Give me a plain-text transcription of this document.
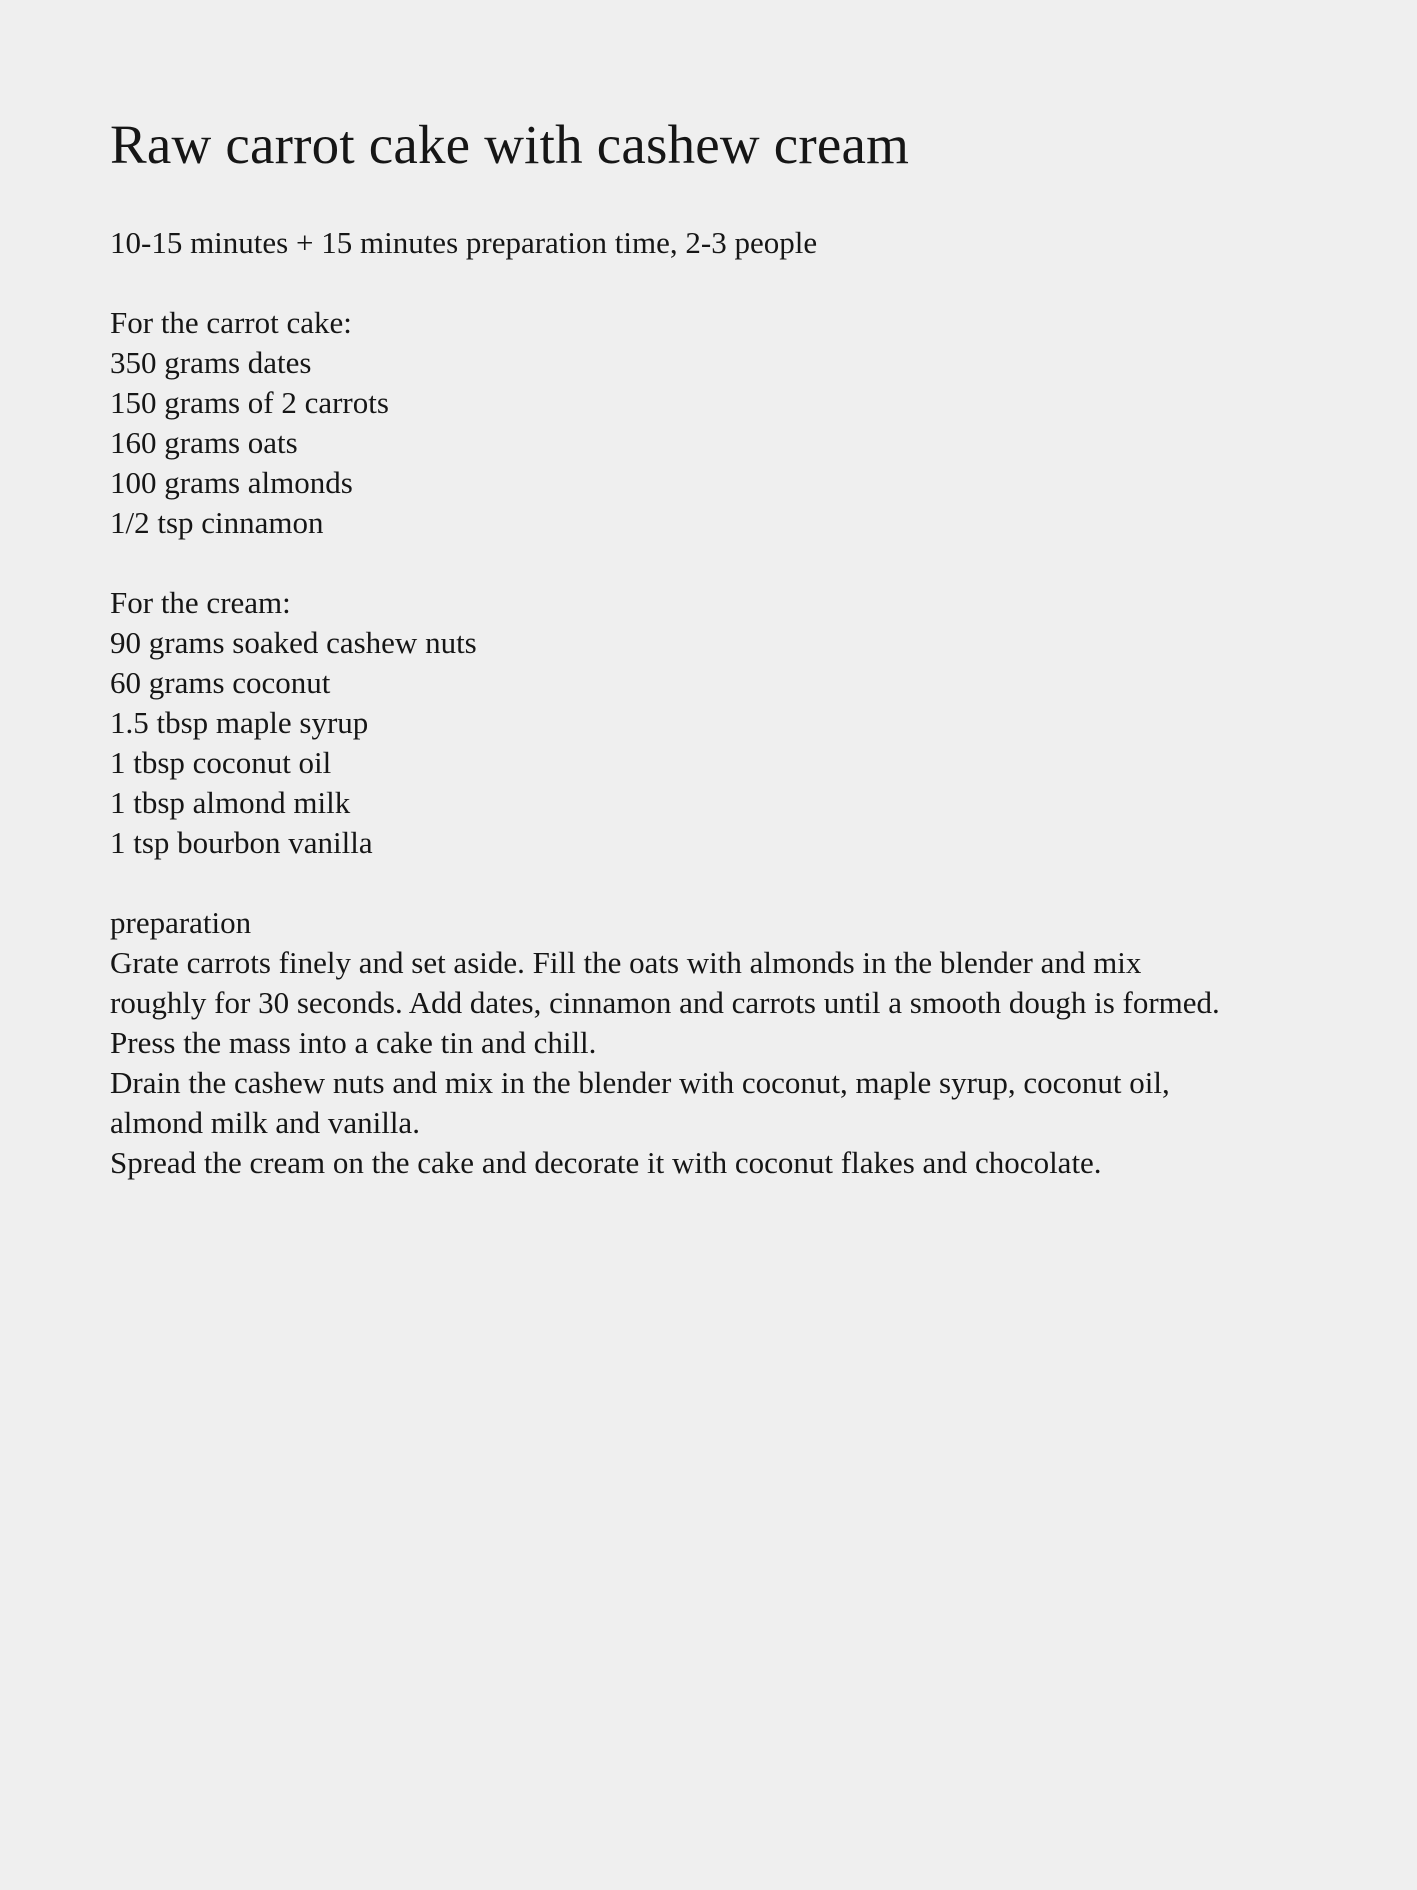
Raw carrot cake with cashew cream
10-15 minutes + 15 minutes preparation time, 2-3 people
For the carrot cake:
350 grams dates
150 grams of 2 carrots
160 grams oats
100 grams almonds
1/2 tsp cinnamon
For the cream:
90 grams soaked cashew nuts
60 grams coconut
1.5 tbsp maple syrup
1 tbsp coconut oil
1 tbsp almond milk
1 tsp bourbon vanilla
preparation
Grate carrots finely and set aside. Fill the oats with almonds in the blender and mix
roughly for 30 seconds. Add dates, cinnamon and carrots until a smooth dough is formed.
Press the mass into a cake tin and chill.
Drain the cashew nuts and mix in the blender with coconut, maple syrup, coconut oil,
almond milk and vanilla.
Spread the cream on the cake and decorate it with coconut flakes and chocolate.
